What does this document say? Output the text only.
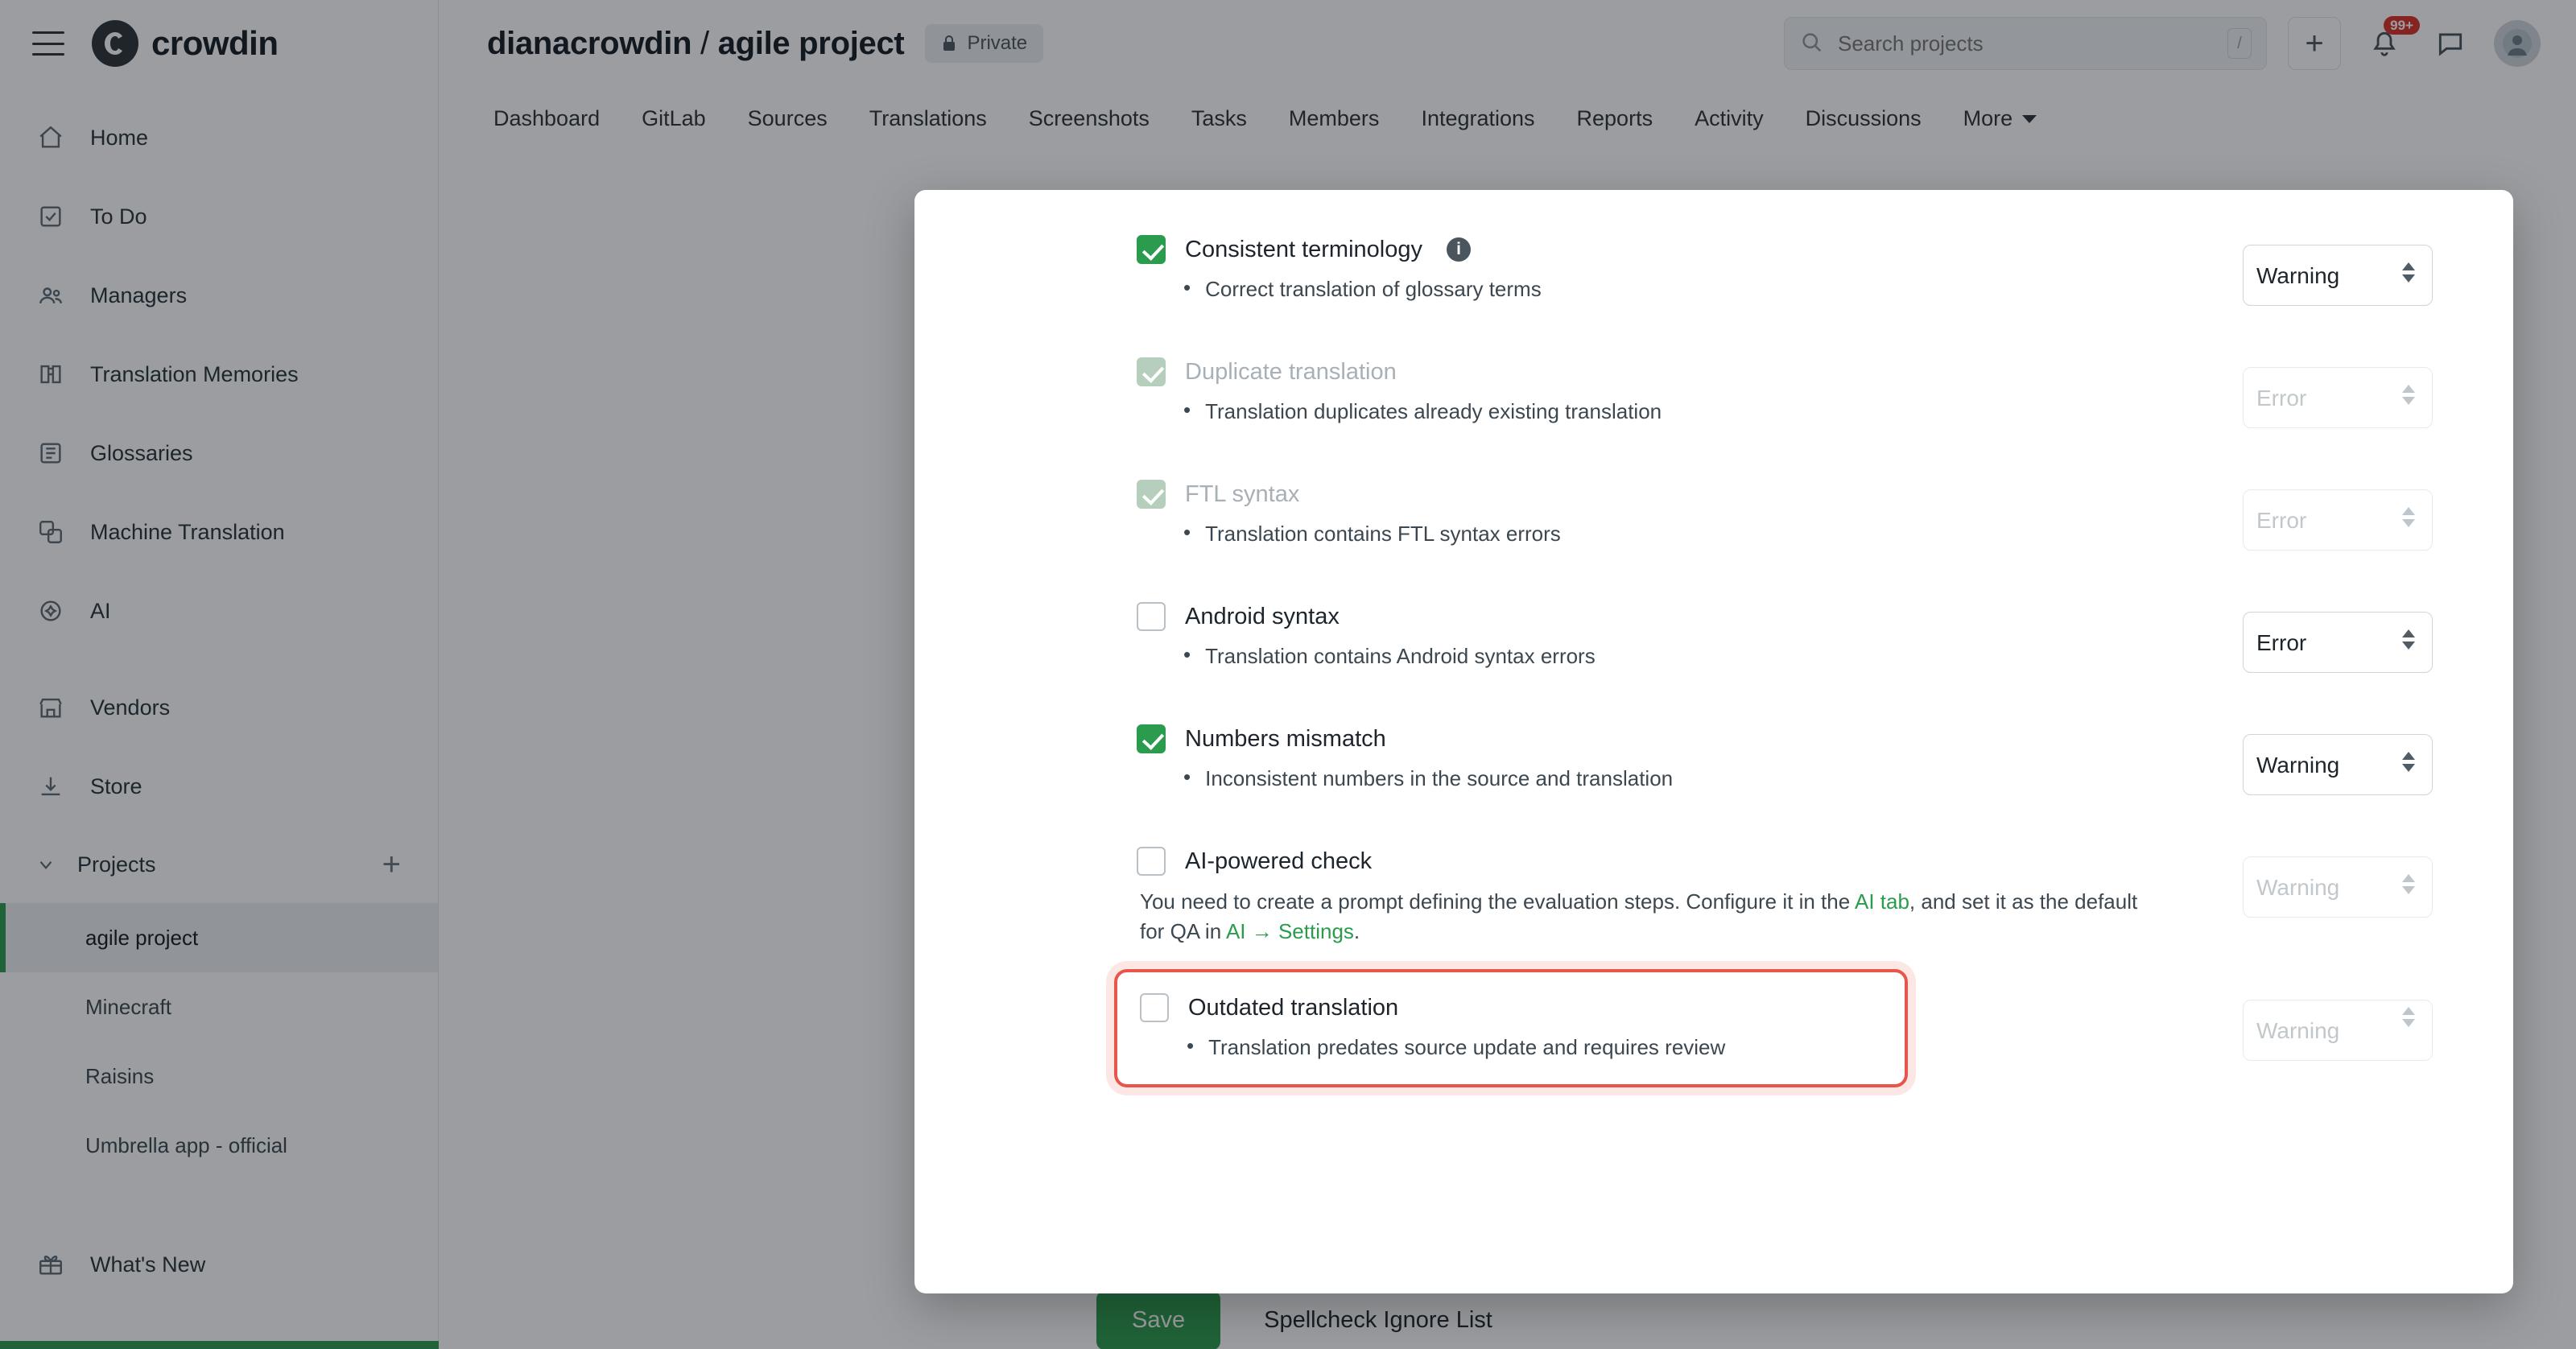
crowdin
Home
To Do
Managers
Translation Memories
Glossaries
Machine Translation
AI
Vendors
Store
Projects	+
agile project
Minecraft
Raisins
Umbrella app - official
What's New
dianacrowdin / agile project	Private
Search projects	/	+	99+
Dashboard	GitLab	Sources	Translations	Screenshots	Tasks	Members	Integrations	Reports	Activity	Discussions	More
Consistent terminology	i
• Correct translation of glossary terms
Warning
Duplicate translation
• Translation duplicates already existing translation
Error
FTL syntax
• Translation contains FTL syntax errors
Error
Android syntax
• Translation contains Android syntax errors
Error
Numbers mismatch
• Inconsistent numbers in the source and translation
Warning
AI-powered check
You need to create a prompt defining the evaluation steps. Configure it in the AI tab, and set it as the default for QA in AI → Settings.
Warning
Outdated translation
• Translation predates source update and requires review
Warning
Save	Spellcheck Ignore List
